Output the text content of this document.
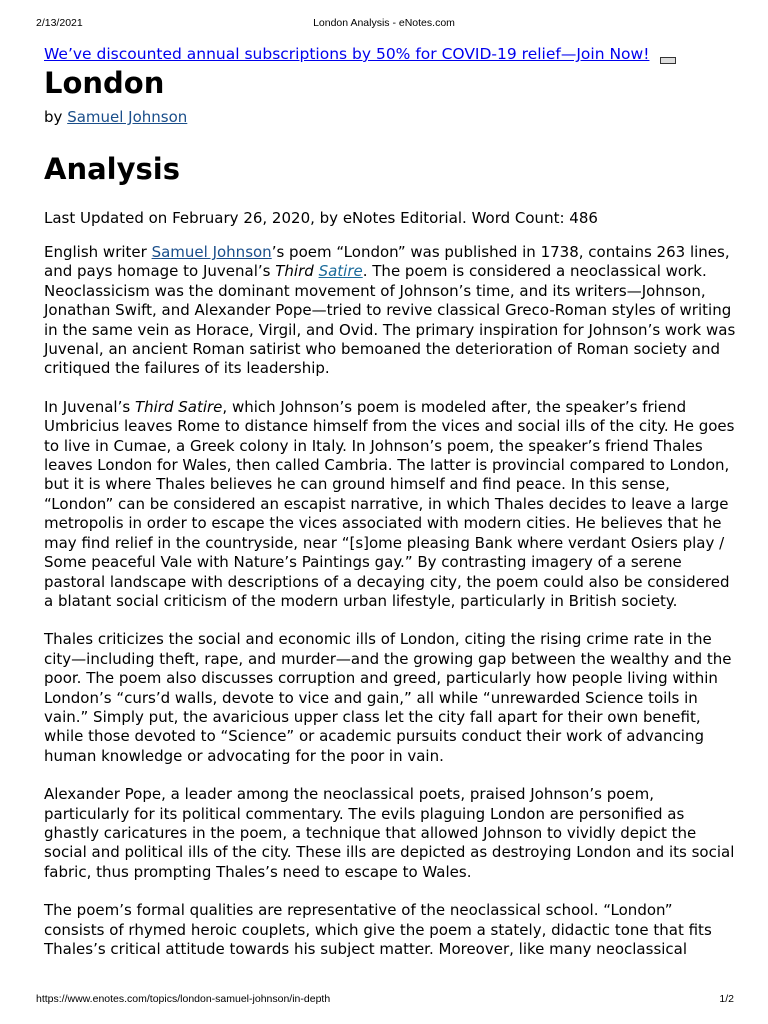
2/13/2021	London Analysis - eNotes.com
We’ve discounted annual subscriptions by 50% for COVID-19 relief—Join Now!
London
by Samuel Johnson
Analysis
Last Updated on February 26, 2020, by eNotes Editorial. Word Count: 486

English writer Samuel Johnson’s poem “London” was published in 1738, contains 263 lines, and pays homage to Juvenal’s Third Satire. The poem is considered a neoclassical work. Neoclassicism was the dominant movement of Johnson’s time, and its writers—Johnson, Jonathan Swift, and Alexander Pope—tried to revive classical Greco-Roman styles of writing in the same vein as Horace, Virgil, and Ovid. The primary inspiration for Johnson’s work was Juvenal, an ancient Roman satirist who bemoaned the deterioration of Roman society and critiqued the failures of its leadership.

In Juvenal’s Third Satire, which Johnson’s poem is modeled after, the speaker’s friend Umbricius leaves Rome to distance himself from the vices and social ills of the city. He goes to live in Cumae, a Greek colony in Italy. In Johnson’s poem, the speaker’s friend Thales leaves London for Wales, then called Cambria. The latter is provincial compared to London, but it is where Thales believes he can ground himself and find peace. In this sense, “London” can be considered an escapist narrative, in which Thales decides to leave a large metropolis in order to escape the vices associated with modern cities. He believes that he may find relief in the countryside, near “[s]ome pleasing Bank where verdant Osiers play / Some peaceful Vale with Nature’s Paintings gay.” By contrasting imagery of a serene pastoral landscape with descriptions of a decaying city, the poem could also be considered a blatant social criticism of the modern urban lifestyle, particularly in British society.

Thales criticizes the social and economic ills of London, citing the rising crime rate in the city—including theft, rape, and murder—and the growing gap between the wealthy and the poor. The poem also discusses corruption and greed, particularly how people living within London’s “curs’d walls, devote to vice and gain,” all while “unrewarded Science toils in vain.” Simply put, the avaricious upper class let the city fall apart for their own benefit, while those devoted to “Science” or academic pursuits conduct their work of advancing human knowledge or advocating for the poor in vain.

Alexander Pope, a leader among the neoclassical poets, praised Johnson’s poem, particularly for its political commentary. The evils plaguing London are personified as ghastly caricatures in the poem, a technique that allowed Johnson to vividly depict the social and political ills of the city. These ills are depicted as destroying London and its social fabric, thus prompting Thales’s need to escape to Wales.

The poem’s formal qualities are representative of the neoclassical school. “London” consists of rhymed heroic couplets, which give the poem a stately, didactic tone that fits Thales’s critical attitude towards his subject matter. Moreover, like many neoclassical

https://www.enotes.com/topics/london-samuel-johnson/in-depth	1/2
